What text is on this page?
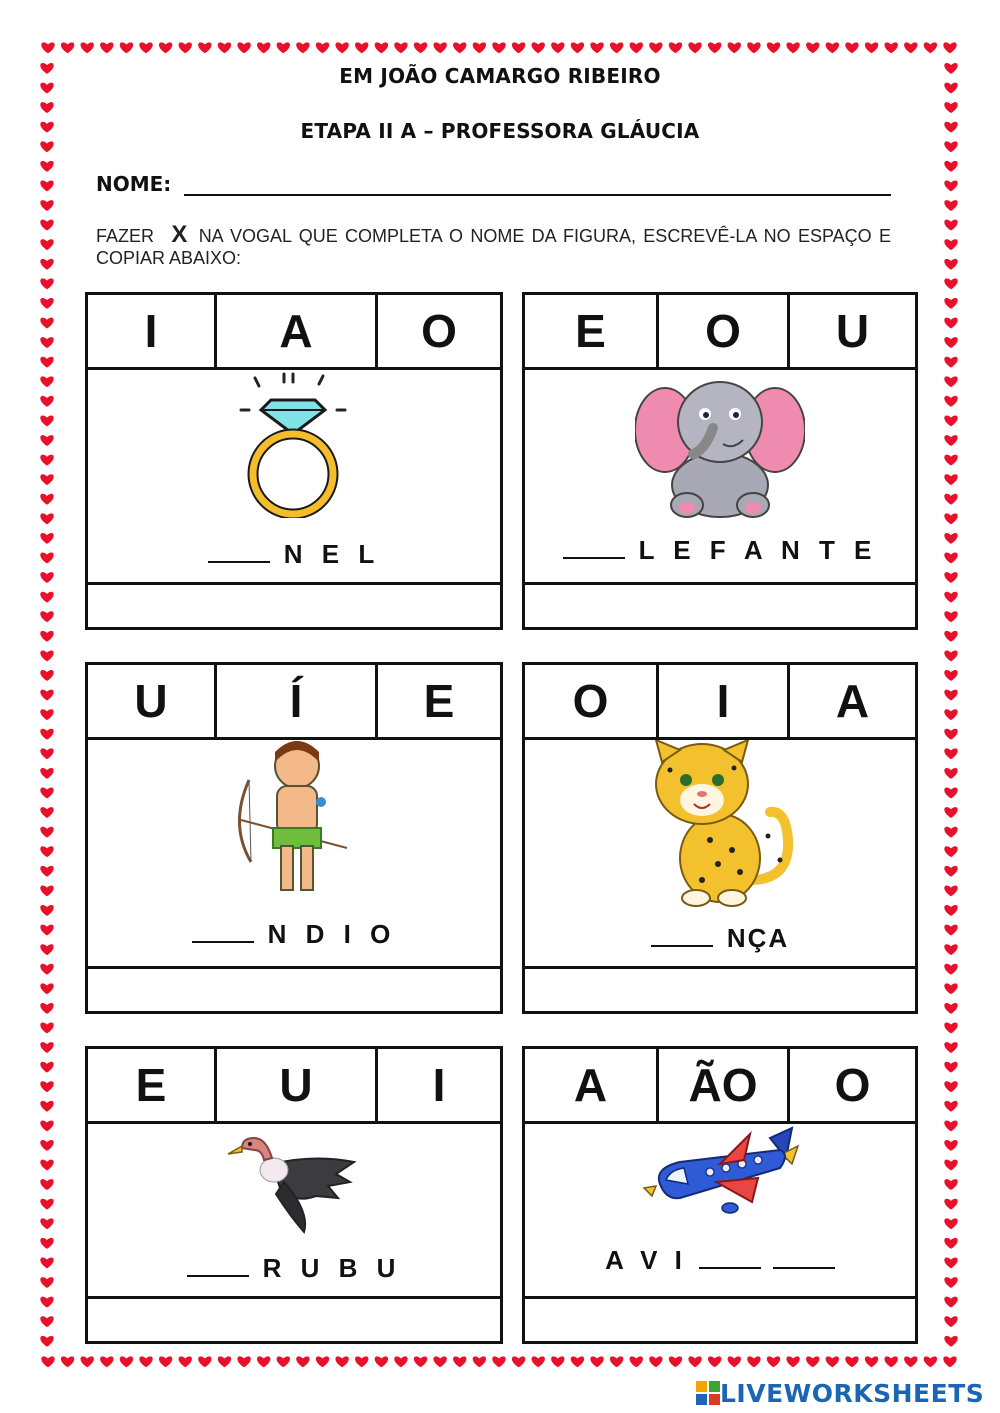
EM JOÃO CAMARGO RIBEIRO
ETAPA II A – PROFESSORA GLÁUCIA
NOME:
FAZER X NA VOGAL QUE COMPLETA O NOME DA FIGURA, ESCREVÊ-LA NO ESPAÇO E COPIAR ABAIXO:
I	A	O
N E L
E	O	U
L E F A N T E
U	Í	E
N D I O
O	I	A
NÇA
E	U	I
R U B U
A	ÃO	O
A V I
LIVEWORKSHEETS
